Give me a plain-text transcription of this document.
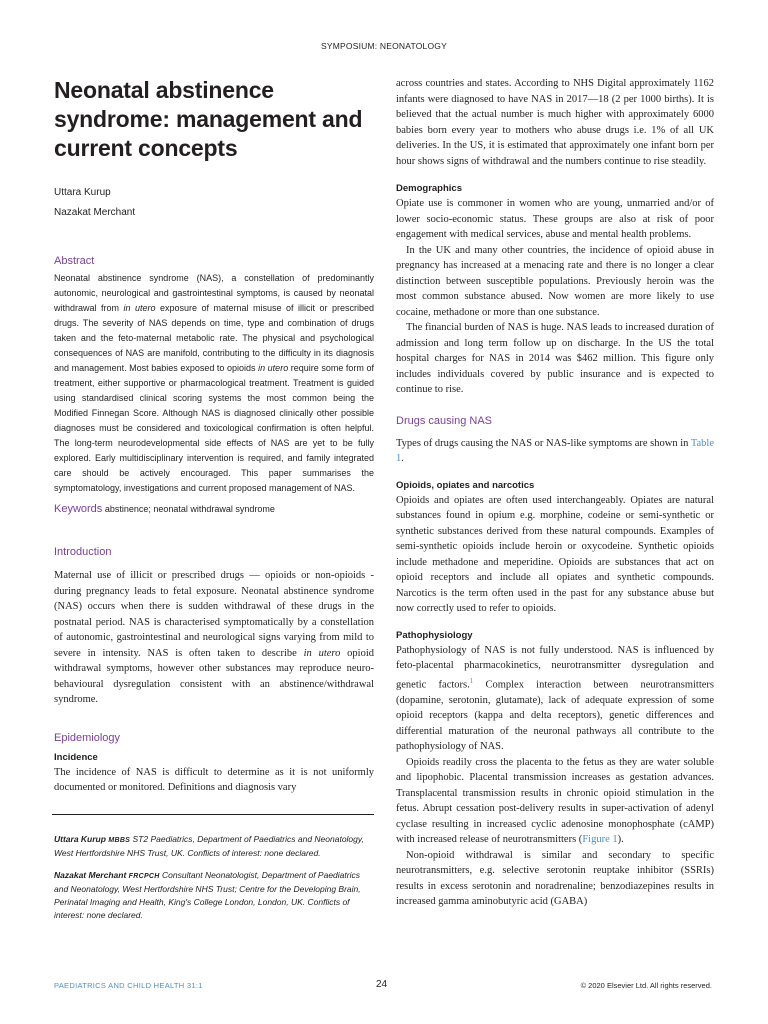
SYMPOSIUM: NEONATOLOGY
Neonatal abstinence syndrome: management and current concepts
Uttara Kurup
Nazakat Merchant
Abstract
Neonatal abstinence syndrome (NAS), a constellation of predominantly autonomic, neurological and gastrointestinal symptoms, is caused by neonatal withdrawal from in utero exposure of maternal misuse of illicit or prescribed drugs. The severity of NAS depends on time, type and combination of drugs taken and the feto-maternal metabolic rate. The physical and psychological consequences of NAS are manifold, contributing to the difficulty in its diagnosis and management. Most babies exposed to opioids in utero require some form of treatment, either supportive or pharmacological treatment. Treatment is guided using standardised clinical scoring systems the most common being the Modified Finnegan Score. Although NAS is diagnosed clinically other possible diagnoses must be considered and toxicological confirmation is often helpful. The long-term neurodevelopmental side effects of NAS are yet to be fully explored. Early multidisciplinary intervention is required, and family integrated care should be actively encouraged. This paper summarises the symptomatology, investigations and current proposed management of NAS.
Keywords abstinence; neonatal withdrawal syndrome
Introduction

Maternal use of illicit or prescribed drugs — opioids or non-opioids - during pregnancy leads to fetal exposure. Neonatal abstinence syndrome (NAS) occurs when there is sudden withdrawal of these drugs in the postnatal period. NAS is characterised symptomatically by a constellation of autonomic, gastrointestinal and neurological signs varying from mild to severe in intensity. NAS is often taken to describe in utero opioid withdrawal symptoms, however other substances may reproduce neuro-behavioural dysregulation consistent with an abstinence/withdrawal syndrome.

Epidemiology
Incidence

The incidence of NAS is difficult to determine as it is not uniformly documented or monitored. Definitions and diagnosis vary

Uttara Kurup MBBS ST2 Paediatrics, Department of Paediatrics and Neonatology, West Hertfordshire NHS Trust, UK. Conflicts of interest: none declared.
Nazakat Merchant FRCPCH Consultant Neonatologist, Department of Paediatrics and Neonatology, West Hertfordshire NHS Trust; Centre for the Developing Brain, Perinatal Imaging and Health, King's College London, London, UK. Conflicts of interest: none declared.

across countries and states. According to NHS Digital approximately 1162 infants were diagnosed to have NAS in 2017—18 (2 per 1000 births). It is believed that the actual number is much higher with approximately 6000 babies born every year to mothers who abuse drugs i.e. 1% of all UK deliveries. In the US, it is estimated that approximately one infant born per hour shows signs of withdrawal and the numbers continue to rise steadily.

Demographics

Opiate use is commoner in women who are young, unmarried and/or of lower socio-economic status. These groups are also at risk of poor engagement with medical services, abuse and mental health problems.

In the UK and many other countries, the incidence of opioid abuse in pregnancy has increased at a menacing rate and there is no longer a clear distinction between susceptible populations. Previously heroin was the most common substance abused. Now women are more likely to use cocaine, methadone or more than one substance.

The financial burden of NAS is huge. NAS leads to increased duration of admission and long term follow up on discharge. In the US the total hospital charges for NAS in 2014 was $462 million. This figure only includes individuals covered by public insurance and is expected to continue to rise.

Drugs causing NAS

Types of drugs causing the NAS or NAS-like symptoms are shown in Table 1.

Opioids, opiates and narcotics

Opioids and opiates are often used interchangeably. Opiates are natural substances found in opium e.g. morphine, codeine or semi-synthetic or synthetic substances derived from these natural compounds. Examples of semi-synthetic opioids include heroin or oxycodeine. Synthetic opioids include methadone and meperidine. Opioids are substances that act on opioid receptors and include all opiates and synthetic compounds. Narcotics is the term often used in the past for any substance abuse but now correctly used to refer to opioids.

Pathophysiology

Pathophysiology of NAS is not fully understood. NAS is influenced by feto-placental pharmacokinetics, neurotransmitter dysregulation and genetic factors.$^1$ Complex interaction between neurotransmitters (dopamine, serotonin, glutamate), lack of adequate expression of some opioid receptors (kappa and delta receptors), genetic differences and differential maturation of the neuronal pathways all contribute to the pathophysiology of NAS.

Opioids readily cross the placenta to the fetus as they are water soluble and lipophobic. Placental transmission increases as gestation advances. Transplacental transmission results in chronic opioid stimulation in the fetus. Abrupt cessation post-delivery results in super-activation of adenyl cyclase resulting in increased cyclic adenosine monophosphate (cAMP) with increased release of neurotransmitters (Figure 1).

Non-opioid withdrawal is similar and secondary to specific neurotransmitters, e.g. selective serotonin reuptake inhibitor (SSRIs) results in excess serotonin and noradrenaline; benzodiazepines results in increased gamma aminobutyric acid (GABA)

PAEDIATRICS AND CHILD HEALTH 31:1	24	© 2020 Elsevier Ltd. All rights reserved.
